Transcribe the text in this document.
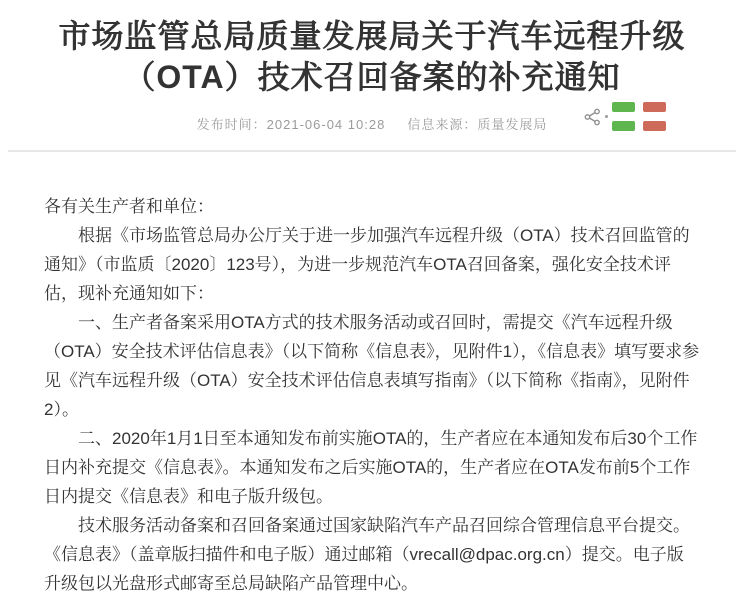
市场监管总局质量发展局关于汽车远程升级
（OTA）技术召回备案的补充通知
发布时间：2021-06-04 10:28 信息来源：质量发展局

各有关生产者和单位：

根据《市场监管总局办公厅关于进一步加强汽车远程升级（OTA）技术召回监管的通知》（市监质〔2020〕123号），为进一步规范汽车OTA召回备案，强化安全技术评估，现补充通知如下：

一、生产者备案采用OTA方式的技术服务活动或召回时，需提交《汽车远程升级（OTA）安全技术评估信息表》（以下简称《信息表》，见附件1），《信息表》填写要求参见《汽车远程升级（OTA）安全技术评估信息表填写指南》（以下简称《指南》，见附件2）。

二、2020年1月1日至本通知发布前实施OTA的，生产者应在本通知发布后30个工作日内补充提交《信息表》。本通知发布之后实施OTA的，生产者应在OTA发布前5个工作日内提交《信息表》和电子版升级包。

技术服务活动备案和召回备案通过国家缺陷汽车产品召回综合管理信息平台提交。《信息表》（盖章版扫描件和电子版）通过邮箱（vrecall@dpac.org.cn）提交。电子版升级包以光盘形式邮寄至总局缺陷产品管理中心。
